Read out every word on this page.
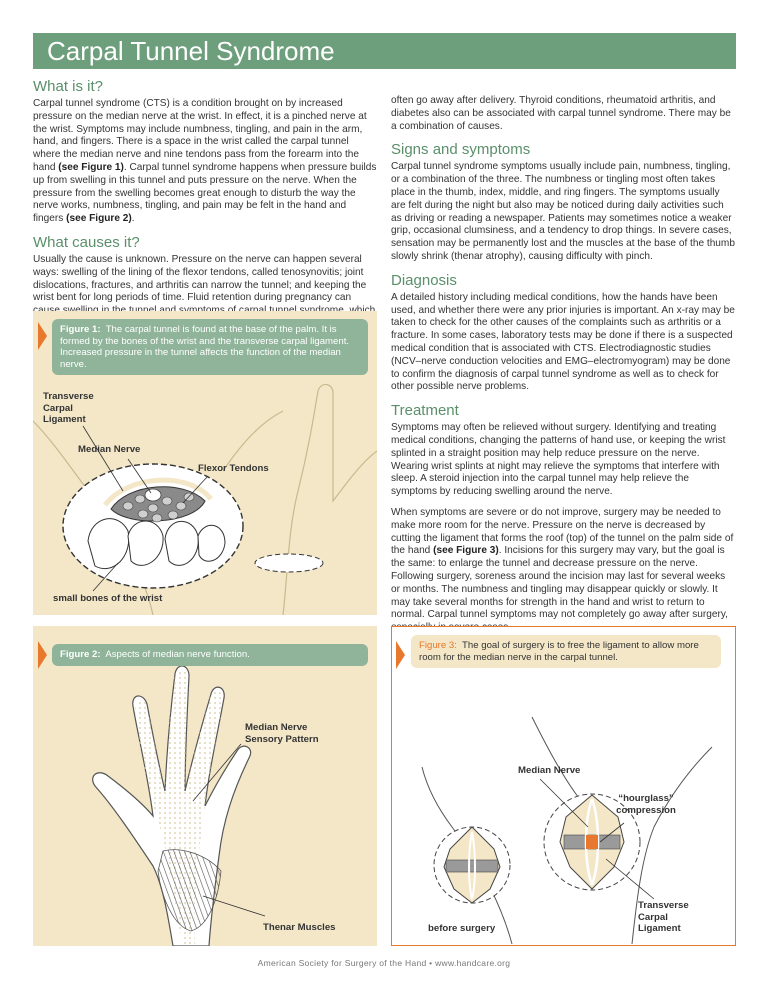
Carpal Tunnel Syndrome
What is it?

Carpal tunnel syndrome (CTS) is a condition brought on by increased pressure on the median nerve at the wrist. In effect, it is a pinched nerve at the wrist. Symptoms may include numbness, tingling, and pain in the arm, hand, and fingers. There is a space in the wrist called the carpal tunnel where the median nerve and nine tendons pass from the forearm into the hand (see Figure 1). Carpal tunnel syndrome happens when pressure builds up from swelling in this tunnel and puts pressure on the nerve. When the pressure from the swelling becomes great enough to disturb the way the nerve works, numbness, tingling, and pain may be felt in the hand and fingers (see Figure 2).

What causes it?

Usually the cause is unknown. Pressure on the nerve can happen several ways: swelling of the lining of the flexor tendons, called tenosynovitis; joint dislocations, fractures, and arthritis can narrow the tunnel; and keeping the wrist bent for long periods of time. Fluid retention during pregnancy can

often go away after delivery. Thyroid conditions, rheumatoid arthritis, and diabetes also can be associated with carpal tunnel syndrome. There may be a combination of causes.

Signs and symptoms

Carpal tunnel syndrome symptoms usually include pain, numbness, tingling, or a combination of the three. The numbness or tingling most often takes place in the thumb, index, middle, and ring fingers. The symptoms usually are felt during the night but also may be noticed during daily activities such as driving or reading a newspaper. Patients may sometimes notice a weaker grip, occasional clumsiness, and a tendency to drop things. In severe cases, sensation may be permanently lost and the muscles at the base of the thumb slowly shrink (thenar atrophy), causing difficulty with pinch.

Diagnosis

A detailed history including medical conditions, how the hands have been used, and whether there were any prior injuries is important. An x-ray may be taken to check for the other causes of the complaints such as arthritis or a fracture. In some cases, laboratory tests may be done if there is a suspected medical condition that is associated with CTS. Electrodiagnostic studies (NCV–nerve conduction velocities and EMG–electromyogram) may be done to confirm the diagnosis of carpal tunnel syndrome as well as to check for other possible nerve problems.

Treatment

Symptoms may often be relieved without surgery. Identifying and treating medical conditions, changing the patterns of hand use, or keeping the wrist splinted in a straight position may help reduce pressure on the nerve. Wearing wrist splints at night may relieve the symptoms that interfere with sleep. A steroid injection into the carpal tunnel may help relieve the symptoms by reducing swelling around the nerve.

When symptoms are severe or do not improve, surgery may be needed to make more room for the nerve. Pressure on the nerve is decreased by cutting the ligament that forms the roof (top) of the tunnel on the palm side of the hand (see Figure 3). Incisions for this surgery may vary, but the goal is the same: to enlarge the tunnel and decrease pressure on the nerve. Following surgery, soreness around the incision may last for several weeks or months. The numbness and tingling may disappear quickly or slowly. It may take several months for strength in the hand and wrist to return to normal. Carpal tunnel symptoms may not completely go away after surgery,

Figure 1: The carpal tunnel is found at the base of the palm. It is formed by the bones of the wrist and the transverse carpal ligament. Increased pressure in the tunnel affects the function of the median nerve.
Transverse Carpal Ligament
Median Nerve
Flexor Tendons
small bones of the wrist
Figure 2: Aspects of median nerve function.
Median Nerve Sensory Pattern
Thenar Muscles
Figure 3: The goal of surgery is to free the ligament to allow more room for the median nerve in the carpal tunnel.
Median Nerve
“hourglass” compression
Transverse Carpal Ligament
before surgery
American Society for Surgery of the Hand • www.handcare.org
